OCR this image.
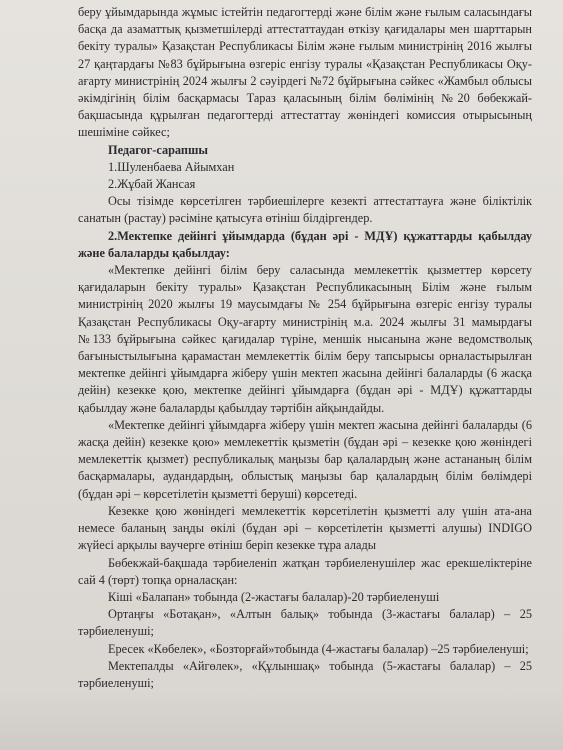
беру ұйымдарында жұмыс істейтін педагогтерді және білім және ғылым саласындағы басқа да азаматтық қызметшілерді аттестаттаудан өткізу қағидалары мен шарттарын бекіту туралы» Қазақстан Республикасы Білім және ғылым министрінің 2016 жылғы 27 қаңтардағы №83 бұйрығына өзгеріс енгізу туралы «Қазақстан Республикасы Оқу-ағарту министрінің 2024 жылғы 2 сәуірдегі №72 бұйрығына сәйкес «Жамбыл облысы әкімдігінің білім басқармасы Тараз қаласының білім бөлімінің №20 бөбекжай-бақшасында құрылған педагогтерді аттестаттау жөніндегі комиссия отырысының шешіміне сәйкес;

Педагог-сарапшы

1.Шуленбаева Айымхан

2.Жұбай Жансая

Осы тізімде көрсетілген тәрбиешілерге кезекті аттестаттауға және біліктілік санатын (растау) рәсіміне қатысуға өтініш білдіргендер.

2.Мектепке дейінгі ұйымдарда (бұдан әрі - МДҰ) құжаттарды қабылдау және балаларды қабылдау:

«Мектепке дейінгі білім беру саласында мемлекеттік қызметтер көрсету қағидаларын бекіту туралы» Қазақстан Республикасының Білім және ғылым министрінің 2020 жылғы 19 маусымдағы № 254 бұйрығына өзгеріс енгізу туралы Қазақстан Республикасы Оқу-ағарту министрінің м.а. 2024 жылғы 31 мамырдағы №133 бұйрығына сәйкес қағидалар түріне, меншік нысанына және ведомстволық бағыныстылығына қарамастан мемлекеттік білім беру тапсырысы орналастырылған мектепке дейінгі ұйымдарға жіберу үшін мектеп жасына дейінгі балаларды (6 жасқа дейін) кезекке қою, мектепке дейінгі ұйымдарға (бұдан әрі - МДҰ) құжаттарды қабылдау және балаларды қабылдау тәртібін айқындайды.

«Мектепке дейінгі ұйымдарға жіберу үшін мектеп жасына дейінгі балаларды (6 жасқа дейін) кезекке қою» мемлекеттік қызметін (бұдан әрі – кезекке қою жөніндегі мемлекеттік қызмет) республикалық маңызы бар қалалардың және астананың білім басқармалары, аудандардың, облыстық маңызы бар қалалардың білім бөлімдері (бұдан әрі – көрсетілетін қызметті беруші) көрсетеді.

Кезекке қою жөніндегі мемлекеттік көрсетілетін қызметті алу үшін ата-ана немесе баланың заңды өкілі (бұдан әрі – көрсетілетін қызметті алушы) INDIGO жүйесі арқылы ваучерге өтініш беріп кезекке тұра алады

Бөбекжай-бақшада тәрбиеленіп жатқан тәрбиеленушілер жас ерекшеліктеріне сай 4 (төрт) топқа орналасқан:

Кіші «Балапан» тобында (2-жастағы балалар)-20 тәрбиеленуші

Ортаңғы «Ботақан», «Алтын балық» тобында (3-жастағы балалар) – 25 тәрбиеленуші;

Ересек «Көбелек», «Бозторғай»тобында (4-жастағы балалар) –25 тәрбиеленуші;

Мектепалды «Айгөлек», «Құлыншақ» тобында (5-жастағы балалар) – 25 тәрбиеленуші;
